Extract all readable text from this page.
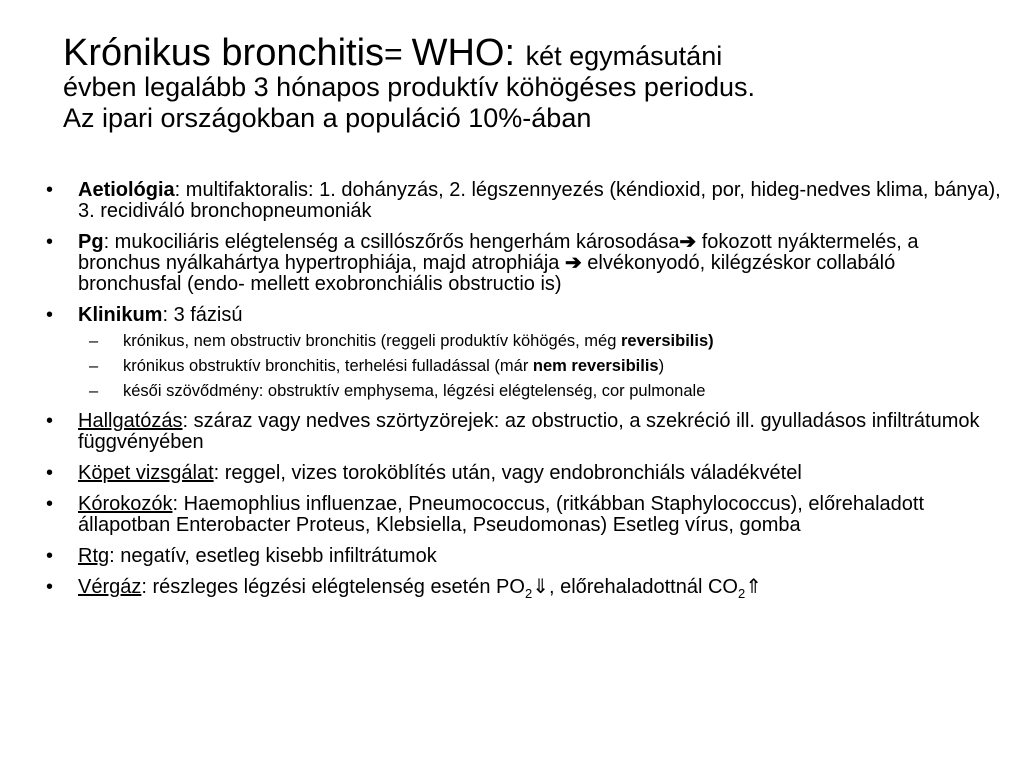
Krónikus bronchitis= WHO: két egymásutáni
évben legalább 3 hónapos produktív köhögéses periodus.
Az ipari országokban a populáció 10%-ában
• Aetiológia: multifaktoralis: 1. dohányzás, 2. légszennyezés (kéndioxid, por, hideg-nedves klima, bánya), 3. recidiváló bronchopneumoniák
• Pg: mukociliáris elégtelenség a csillószőrős hengerhám károsodása➔ fokozott nyáktermelés, a bronchus nyálkahártya hypertrophiája, majd atrophiája ➔ elvékonyodó, kilégzéskor collabáló bronchusfal (endo- mellett exobronchiális obstructio is)
• Klinikum: 3 fázisú
– krónikus, nem obstructiv bronchitis (reggeli produktív köhögés, még reversibilis)
– krónikus obstruktív bronchitis, terhelési fulladással (már nem reversibilis)
– késői szövődmény: obstruktív emphysema, légzési elégtelenség, cor pulmonale
• Hallgatózás: száraz vagy nedves szörtyzörejek: az obstructio, a szekréció ill. gyulladásos infiltrátumok függvényében
• Köpet vizsgálat: reggel, vizes toroköblítés után, vagy endobronchiáls váladékvétel
• Kórokozók: Haemophlius influenzae, Pneumococcus, (ritkábban Staphylococcus), előrehaladott állapotban Enterobacter Proteus, Klebsiella, Pseudomonas) Esetleg vírus, gomba
• Rtg: negatív, esetleg kisebb infiltrátumok
• Vérgáz: részleges légzési elégtelenség esetén $PO_2⇓$, előrehaladottnál $CO_2⇑$
